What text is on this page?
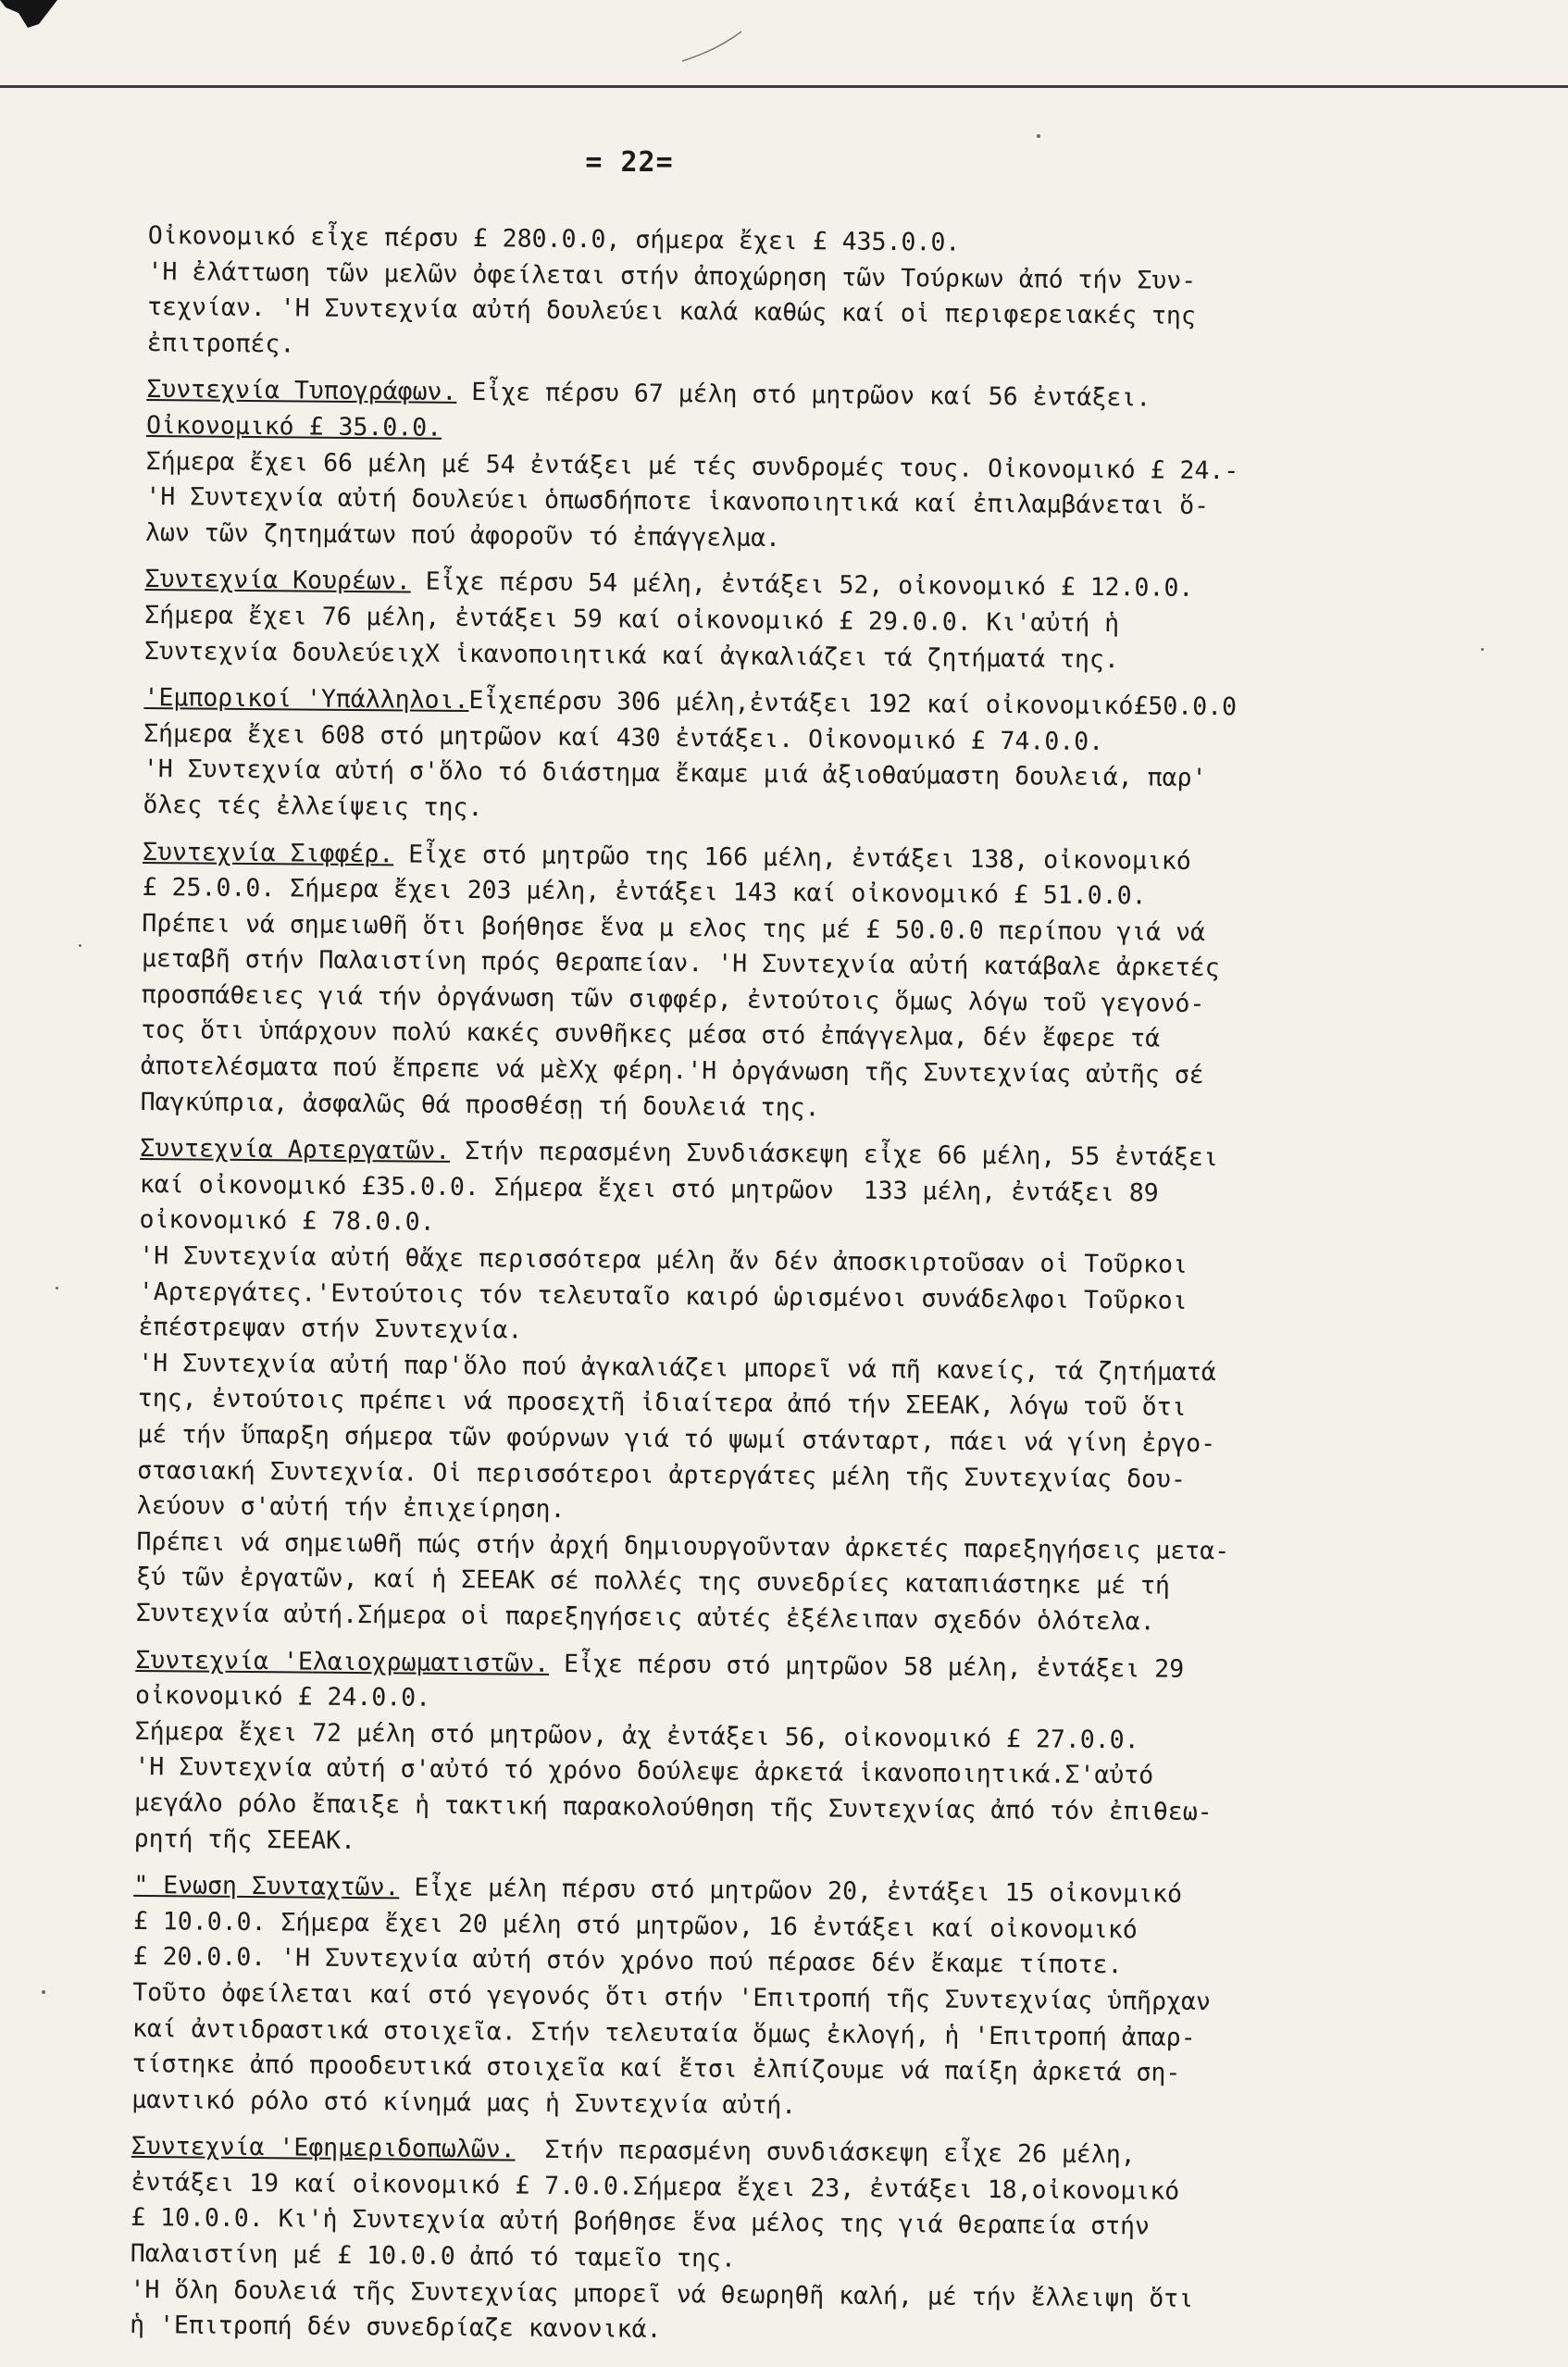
= 22=
Οἰκονομικό εἶχε πέρσυ £ 280.0.0, σήμερα ἔχει £ 435.0.0.
'Η ἐλάττωση τῶν μελῶν ὀφείλεται στήν ἀποχώρηση τῶν Τούρκων ἀπό τήν Συν-
τεχνίαν. 'Η Συντεχνία αὐτή δουλεύει καλά καθώς καί οἱ περιφερειακές της
ἐπιτροπές.
Συντεχνία Τυπογράφων. Εἶχε πέρσυ 67 μέλη στό μητρῶον καί 56 ἐντάξει.
Οἰκονομικό £ 35.0.0.
Σήμερα ἔχει 66 μέλη μέ 54 ἐντάξει μέ τές συνδρομές τους. Οἰκονομικό £ 24.-
'Η Συντεχνία αὐτή δουλεύει ὁπωσδήποτε ἱκανοποιητικά καί ἐπιλαμβάνεται ὅ-
λων τῶν ζητημάτων πού ἀφοροῦν τό ἐπάγγελμα.
Συντεχνία Κουρέων. Εἶχε πέρσυ 54 μέλη, ἐντάξει 52, οἰκονομικό £ 12.0.0.
Σήμερα ἔχει 76 μέλη, ἐντάξει 59 καί οἰκονομικό £ 29.0.0. Κι'αὐτή ἡ
Συντεχνία δουλεύειχΧ ἱκανοποιητικά καί ἀγκαλιάζει τά ζητήματά της.
'Εμπορικοί 'Υπάλληλοι.Εἶχεπέρσυ 306 μέλη,ἐντάξει 192 καί οἰκονομικό£50.0.0
Σήμερα ἔχει 608 στό μητρῶον καί 430 ἐντάξει. Οἰκονομικό £ 74.0.0.
'Η Συντεχνία αὐτή σ'ὅλο τό διάστημα ἔκαμε μιά ἀξιοθαύμαστη δουλειά, παρ'
ὅλες τές ἐλλείψεις της.
Συντεχνία Σιφφέρ. Εἶχε στό μητρῶο της 166 μέλη, ἐντάξει 138, οἰκονομικό
£ 25.0.0. Σήμερα ἔχει 203 μέλη, ἐντάξει 143 καί οἰκονομικό £ 51.0.0.
Πρέπει νά σημειωθῆ ὅτι βοήθησε ἕνα μ ελος της μέ £ 50.0.0 περίπου γιά νά
μεταβῆ στήν Παλαιστίνη πρός θεραπείαν. 'Η Συντεχνία αὐτή κατάβαλε ἀρκετές
προσπάθειες γιά τήν ὀργάνωση τῶν σιφφέρ, ἐντούτοις ὅμως λόγω τοῦ γεγονό-
τος ὅτι ὑπάρχουν πολύ κακές συνθῆκες μέσα στό ἐπάγγελμα, δέν ἔφερε τά
ἀποτελέσματα πού ἔπρεπε νά μὲΧχ φέρη.'Η ὀργάνωση τῆς Συντεχνίας αὐτῆς σέ
Παγκύπρια, ἀσφαλῶς θά προσθέσῃ τή δουλειά της.
Συντεχνία Αρτεργατῶν. Στήν περασμένη Συνδιάσκεψη εἶχε 66 μέλη, 55 ἐντάξει
καί οἰκονομικό £35.0.0. Σήμερα ἔχει στό μητρῶον  133 μέλη, ἐντάξει 89
οἰκονομικό £ 78.0.0.
'Η Συντεχνία αὐτή θἄχε περισσότερα μέλη ἄν δέν ἀποσκιρτοῦσαν οἱ Τοῦρκοι
'Αρτεργάτες.'Εντούτοις τόν τελευταῖο καιρό ὡρισμένοι συνάδελφοι Τοῦρκοι
ἐπέστρεψαν στήν Συντεχνία.
'Η Συντεχνία αὐτή παρ'ὅλο πού ἀγκαλιάζει μπορεῖ νά πῆ κανείς, τά ζητήματά
της, ἐντούτοις πρέπει νά προσεχτῆ ἰδιαίτερα ἀπό τήν ΣΕΕΑΚ, λόγω τοῦ ὅτι
μέ τήν ὕπαρξη σήμερα τῶν φούρνων γιά τό ψωμί στάνταρτ, πάει νά γίνη ἐργο-
στασιακή Συντεχνία. Οἱ περισσότεροι ἀρτεργάτες μέλη τῆς Συντεχνίας δου-
λεύουν σ'αὐτή τήν ἐπιχείρηση.
Πρέπει νά σημειωθῆ πώς στήν ἀρχή δημιουργοῦνταν ἀρκετές παρεξηγήσεις μετα-
ξύ τῶν ἐργατῶν, καί ἡ ΣΕΕΑΚ σέ πολλές της συνεδρίες καταπιάστηκε μέ τή
Συντεχνία αὐτή.Σήμερα οἱ παρεξηγήσεις αὐτές ἐξέλειπαν σχεδόν ὁλότελα.
Συντεχνία 'Ελαιοχρωματιστῶν. Εἶχε πέρσυ στό μητρῶον 58 μέλη, ἐντάξει 29
οἰκονομικό £ 24.0.0.
Σήμερα ἔχει 72 μέλη στό μητρῶον, ἀχ ἐντάξει 56, οἰκονομικό £ 27.0.0.
'Η Συντεχνία αὐτή σ'αὐτό τό χρόνο δούλεψε ἀρκετά ἱκανοποιητικά.Σ'αὐτό
μεγάλο ρόλο ἔπαιξε ἡ τακτική παρακολούθηση τῆς Συντεχνίας ἀπό τόν ἐπιθεω-
ρητή τῆς ΣΕΕΑΚ.
" Ενωση Συνταχτῶν. Εἶχε μέλη πέρσυ στό μητρῶον 20, ἐντάξει 15 οἰκονμικό
£ 10.0.0. Σήμερα ἔχει 20 μέλη στό μητρῶον, 16 ἐντάξει καί οἰκονομικό
£ 20.0.0. 'Η Συντεχνία αὐτή στόν χρόνο πού πέρασε δέν ἔκαμε τίποτε.
Τοῦτο ὀφείλεται καί στό γεγονός ὅτι στήν 'Επιτροπή τῆς Συντεχνίας ὑπῆρχαν
καί ἀντιδραστικά στοιχεῖα. Στήν τελευταία ὅμως ἐκλογή, ἡ 'Επιτροπή ἀπαρ-
τίστηκε ἀπό προοδευτικά στοιχεῖα καί ἔτσι ἐλπίζουμε νά παίξη ἀρκετά ση-
μαντικό ρόλο στό κίνημά μας ἡ Συντεχνία αὐτή.
Συντεχνία 'Εφημεριδοπωλῶν.  Στήν περασμένη συνδιάσκεψη εἶχε 26 μέλη,
ἐντάξει 19 καί οἰκονομικό £ 7.0.0.Σήμερα ἔχει 23, ἐντάξει 18,οἰκονομικό
£ 10.0.0. Κι'ἡ Συντεχνία αὐτή βοήθησε ἕνα μέλος της γιά θεραπεία στήν
Παλαιστίνη μέ £ 10.0.0 ἀπό τό ταμεῖο της.
'Η ὅλη δουλειά τῆς Συντεχνίας μπορεῖ νά θεωρηθῆ καλή, μέ τήν ἔλλειψη ὅτι
ἡ 'Επιτροπή δέν συνεδρίαζε κανονικά.
